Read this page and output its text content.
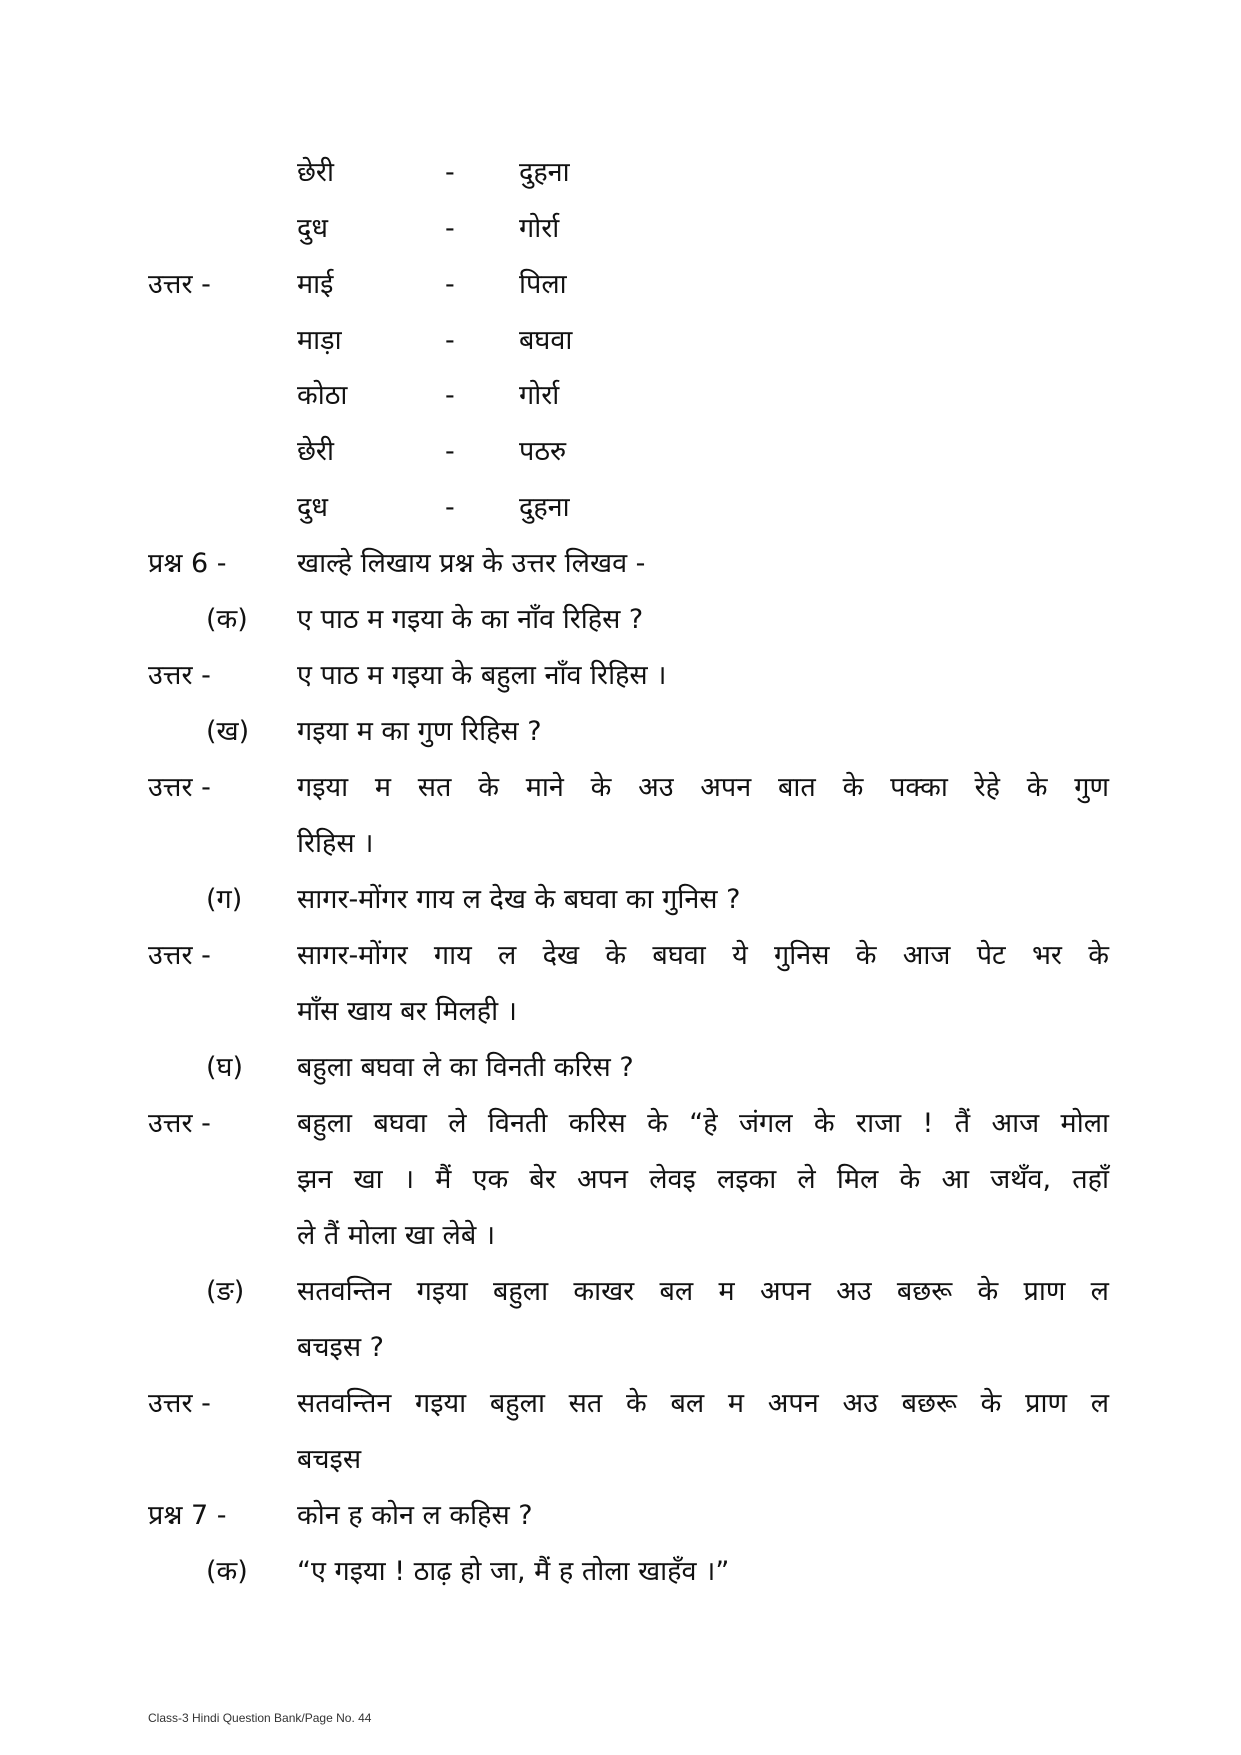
छेरी	- दुहना
दुध	- गोर्रा
उत्तर -	माई	- पिला
माड़ा	- बघवा
कोठा	- गोर्रा
छेरी	- पठरु
दुध	- दुहना
प्रश्न 6 -	खाल्हे लिखाय प्रश्न के उत्तर लिखव -
(क) ए पाठ म गइया के का नाँव रिहिस ?
उत्तर -	ए पाठ म गइया के बहुला नाँव रिहिस ।
(ख) गइया म का गुण रिहिस ?
उत्तर -	गइया म सत के माने के अउ अपन बात के पक्का रेहे के गुण
रिहिस ।
(ग) सागर-मोंगर गाय ल देख के बघवा का गुनिस ?
उत्तर -	सागर-मोंगर गाय ल देख के बघवा ये गुनिस के आज पेट भर के
माँस खाय बर मिलही ।
(घ) बहुला बघवा ले का विनती करिस ?
उत्तर -	बहुला बघवा ले विनती करिस के “हे जंगल के राजा ! तैं आज मोला
झन खा । मैं एक बेर अपन लेवइ लइका ले मिल के आ जथँव, तहाँ
ले तैं मोला खा लेबे ।
(ङ) सतवन्तिन गइया बहुला काखर बल म अपन अउ बछरू के प्राण ल
बचइस ?
उत्तर -	सतवन्तिन गइया बहुला सत के बल म अपन अउ बछरू के प्राण ल
बचइस
प्रश्न 7 -	कोन ह कोन ल कहिस ?
(क) “ए गइया ! ठाढ़ हो जा, मैं ह तोला खाहँव ।”
Class-3 Hindi Question Bank/Page No. 44
